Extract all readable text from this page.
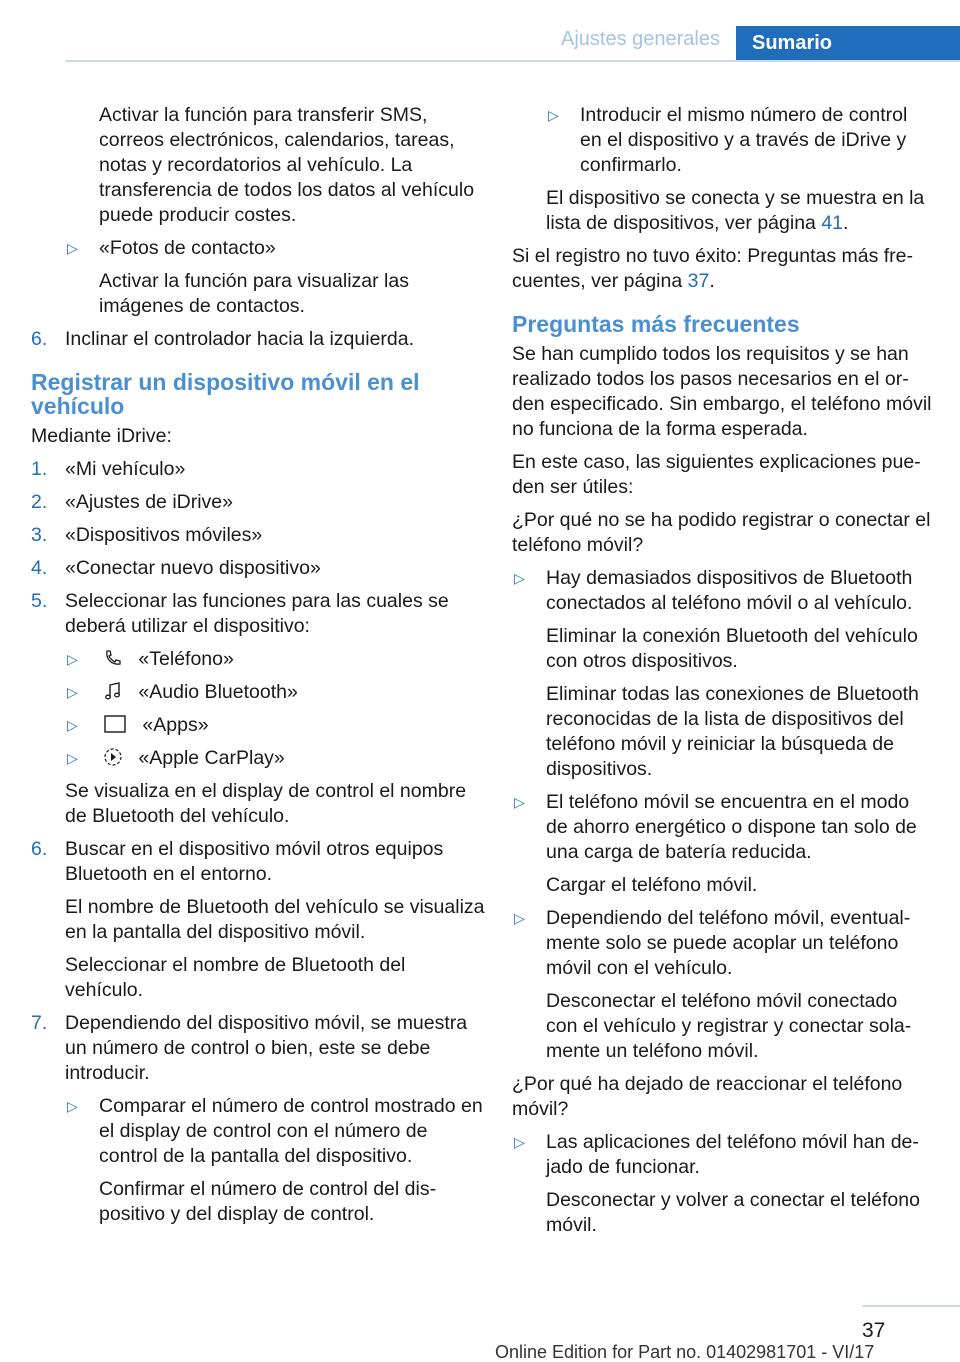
Ajustes generales	Sumario

Activar la función para transferir SMS, correos electrónicos, calendarios, tareas, notas y recordatorios al vehículo. La transferencia de todos los datos al vehículo puede producir costes.

▷ «Fotos de contacto»

Activar la función para visualizar las imágenes de contactos.

6. Inclinar el controlador hacia la izquierda.
Registrar un dispositivo móvil en el vehículo

Mediante iDrive:

1. «Mi vehículo»
2. «Ajustes de iDrive»
3. «Dispositivos móviles»
4. «Conectar nuevo dispositivo»
5. Seleccionar las funciones para las cuales se deberá utilizar el dispositivo:
▷	«Teléfono»
▷	«Audio Bluetooth»
▷	«Apps»
▷	«Apple CarPlay»

Se visualiza en el display de control el nombre de Bluetooth del vehículo.

6. Buscar en el dispositivo móvil otros equipos Bluetooth en el entorno.

El nombre de Bluetooth del vehículo se visualiza en la pantalla del dispositivo móvil.

Seleccionar el nombre de Bluetooth del vehículo.

7. Dependiendo del dispositivo móvil, se muestra un número de control o bien, este se debe introducir.

▷ Comparar el número de control mostrado en el display de control con el número de control de la pantalla del dispositivo.

Confirmar el número de control del dispositivo y del display de control.

▷ Introducir el mismo número de control en el dispositivo y a través de iDrive y confirmarlo.

El dispositivo se conecta y se muestra en la lista de dispositivos, ver página 41.

Si el registro no tuvo éxito: Preguntas más frecuentes, ver página 37.

Preguntas más frecuentes

Se han cumplido todos los requisitos y se han realizado todos los pasos necesarios en el orden especificado. Sin embargo, el teléfono móvil no funciona de la forma esperada.

En este caso, las siguientes explicaciones pueden ser útiles:

¿Por qué no se ha podido registrar o conectar el teléfono móvil?

▷ Hay demasiados dispositivos de Bluetooth conectados al teléfono móvil o al vehículo.

Eliminar la conexión Bluetooth del vehículo con otros dispositivos.

Eliminar todas las conexiones de Bluetooth reconocidas de la lista de dispositivos del teléfono móvil y reiniciar la búsqueda de dispositivos.

▷ El teléfono móvil se encuentra en el modo de ahorro energético o dispone tan solo de una carga de batería reducida.

Cargar el teléfono móvil.

▷ Dependiendo del teléfono móvil, eventualmente solo se puede acoplar un teléfono móvil con el vehículo.

Desconectar el teléfono móvil conectado con el vehículo y registrar y conectar solamente un teléfono móvil.

¿Por qué ha dejado de reaccionar el teléfono móvil?

▷ Las aplicaciones del teléfono móvil han dejado de funcionar.

Desconectar y volver a conectar el teléfono móvil.

37
Online Edition for Part no. 01402981701 - VI/17
